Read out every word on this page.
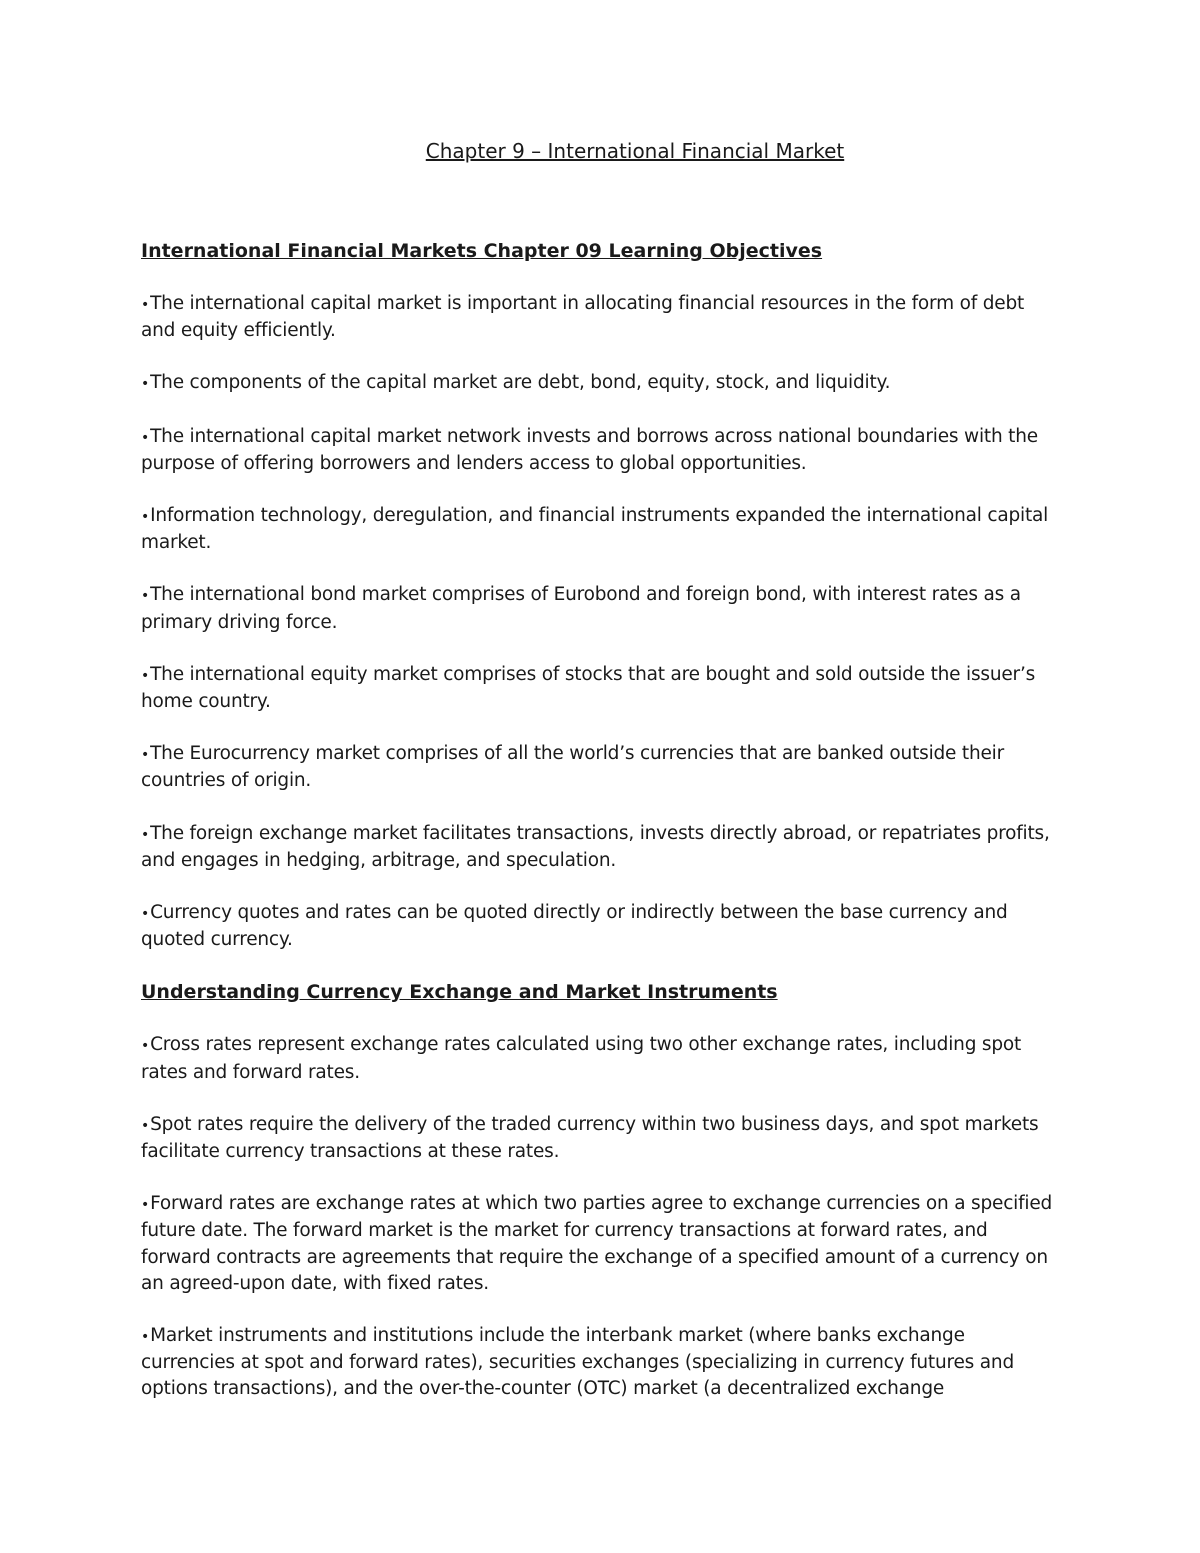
Chapter 9 – International Financial Market
International Financial Markets Chapter 09 Learning Objectives

•The international capital market is important in allocating financial resources in the form of debt and equity efficiently.

•The components of the capital market are debt, bond, equity, stock, and liquidity.

•The international capital market network invests and borrows across national boundaries with the purpose of offering borrowers and lenders access to global opportunities.

•Information technology, deregulation, and financial instruments expanded the international capital market.

•The international bond market comprises of Eurobond and foreign bond, with interest rates as a primary driving force.

•The international equity market comprises of stocks that are bought and sold outside the issuer’s home country.

•The Eurocurrency market comprises of all the world’s currencies that are banked outside their countries of origin.

•The foreign exchange market facilitates transactions, invests directly abroad, or repatriates profits, and engages in hedging, arbitrage, and speculation.

•Currency quotes and rates can be quoted directly or indirectly between the base currency and quoted currency.

Understanding Currency Exchange and Market Instruments

•Cross rates represent exchange rates calculated using two other exchange rates, including spot rates and forward rates.

•Spot rates require the delivery of the traded currency within two business days, and spot markets facilitate currency transactions at these rates.

•Forward rates are exchange rates at which two parties agree to exchange currencies on a specified future date. The forward market is the market for currency transactions at forward rates, and forward contracts are agreements that require the exchange of a specified amount of a currency on an agreed-upon date, with fixed rates.

•Market instruments and institutions include the interbank market (where banks exchange currencies at spot and forward rates), securities exchanges (specializing in currency futures and options transactions), and the over-the-counter (OTC) market (a decentralized exchange
